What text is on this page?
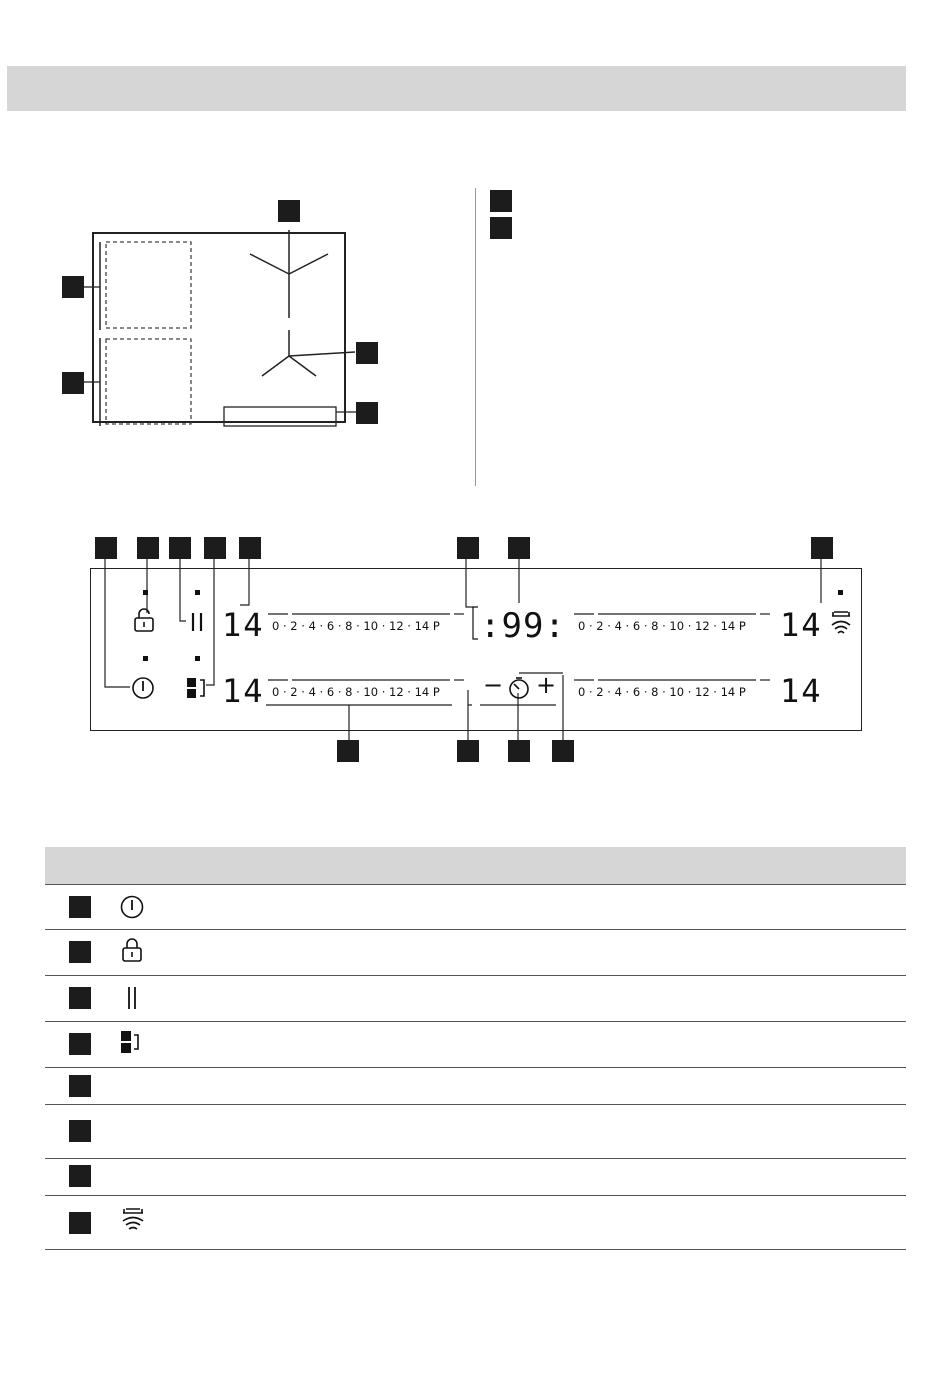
14
14
14
14
:99:
0 · 2 · 4 · 6 · 8 · 10 · 12 · 14 P
0 · 2 · 4 · 6 · 8 · 10 · 12 · 14 P
0 · 2 · 4 · 6 · 8 · 10 · 12 · 14 P
0 · 2 · 4 · 6 · 8 · 10 · 12 · 14 P
− +
